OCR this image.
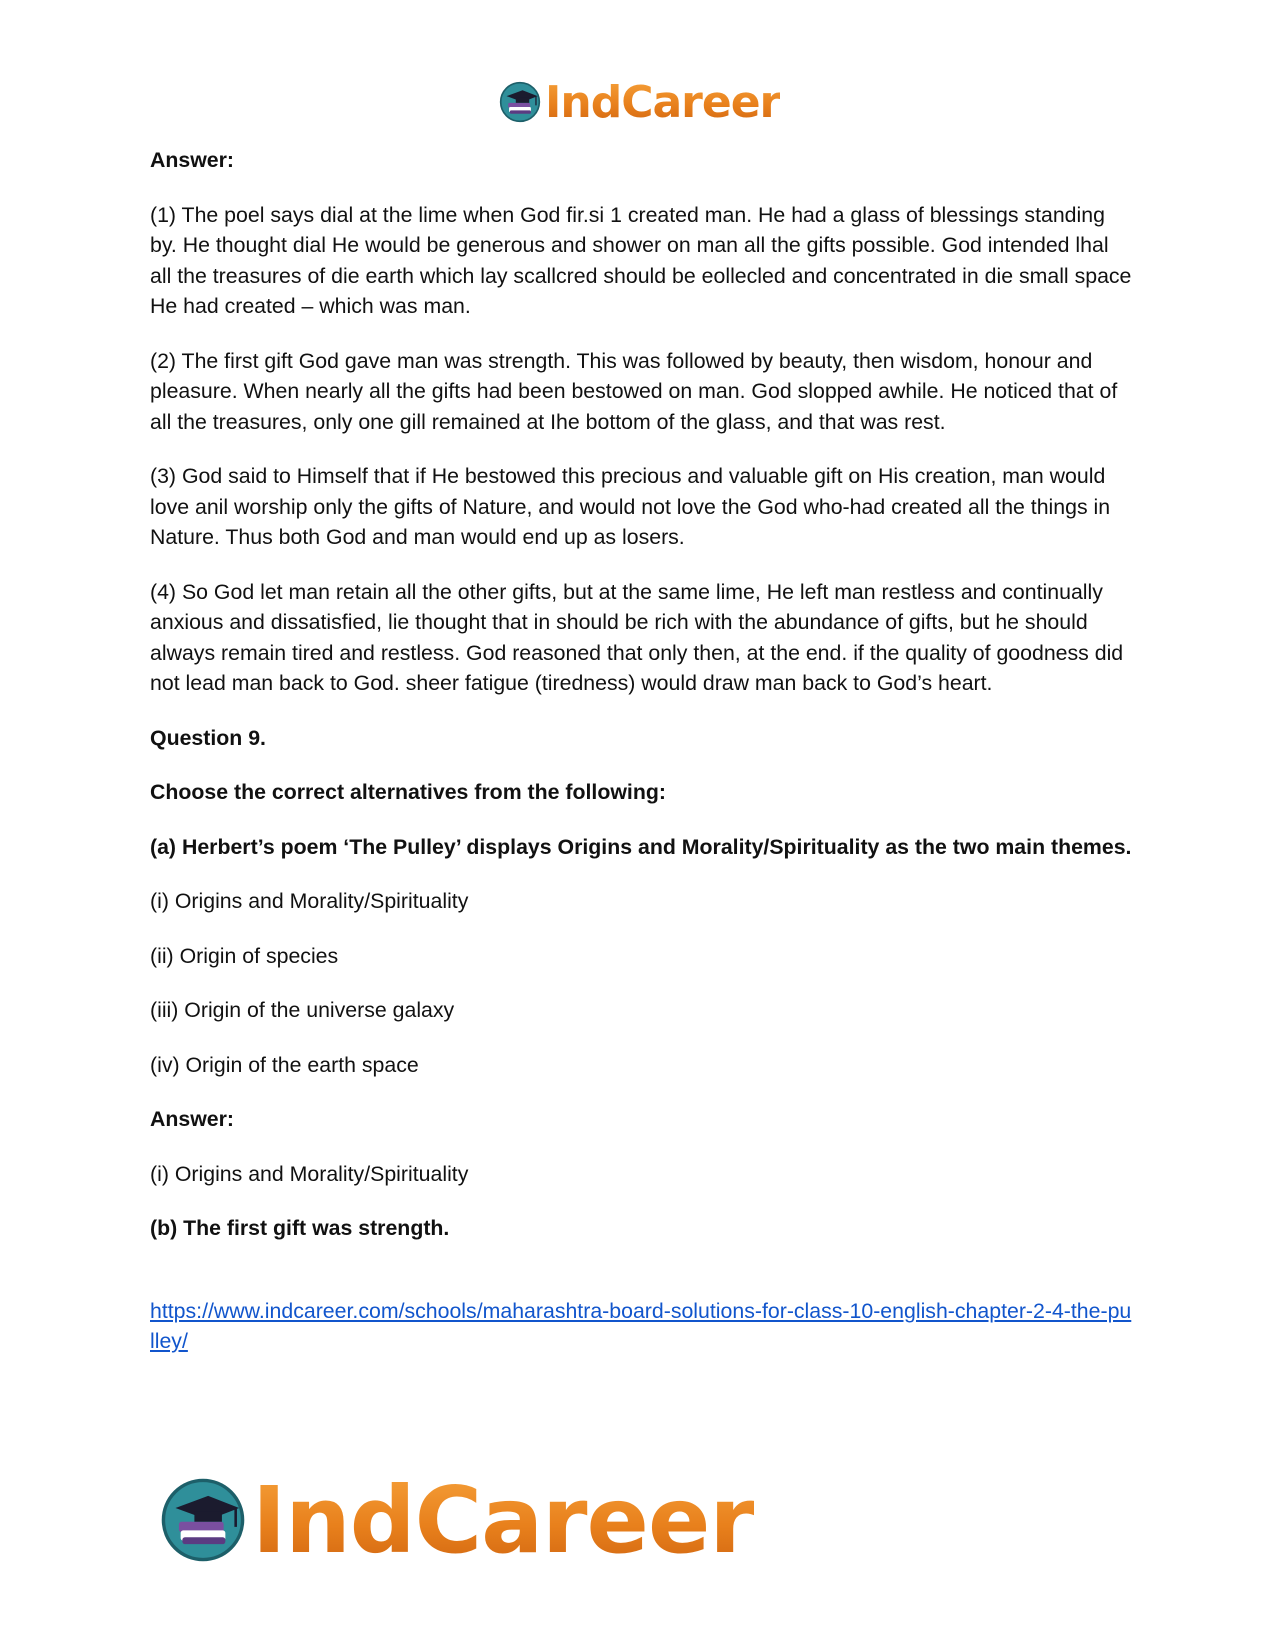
IndCareer

Answer:

(1) The poel says dial at the lime when God fir.si 1 created man. He had a glass of blessings standing by. He thought dial He would be generous and shower on man all the gifts possible. God intended lhal all the treasures of die earth which lay scallcred should be eollecled and concentrated in die small space He had created – which was man.

(2) The first gift God gave man was strength. This was followed by beauty, then wisdom, honour and pleasure. When nearly all the gifts had been bestowed on man. God slopped awhile. He noticed that of all the treasures, only one gill remained at Ihe bottom of the glass, and that was rest.

(3) God said to Himself that if He bestowed this precious and valuable gift on His creation, man would love anil worship only the gifts of Nature, and would not love the God who-had created all the things in Nature. Thus both God and man would end up as losers.

(4) So God let man retain all the other gifts, but at the same lime, He left man restless and continually anxious and dissatisfied, lie thought that in should be rich with the abundance of gifts, but he should always remain tired and restless. God reasoned that only then, at the end. if the quality of goodness did not lead man back to God. sheer fatigue (tiredness) would draw man back to God’s heart.

Question 9.

Choose the correct alternatives from the following:

(a) Herbert’s poem ‘The Pulley’ displays Origins and Morality/Spirituality as the two main themes.

(i) Origins and Morality/Spirituality

(ii) Origin of species

(iii) Origin of the universe galaxy

(iv) Origin of the earth space

Answer:

(i) Origins and Morality/Spirituality

(b) The first gift was strength.

https://www.indcareer.com/schools/maharashtra-board-solutions-for-class-10-english-chapter-2-4-the-pulley/
IndCareer
